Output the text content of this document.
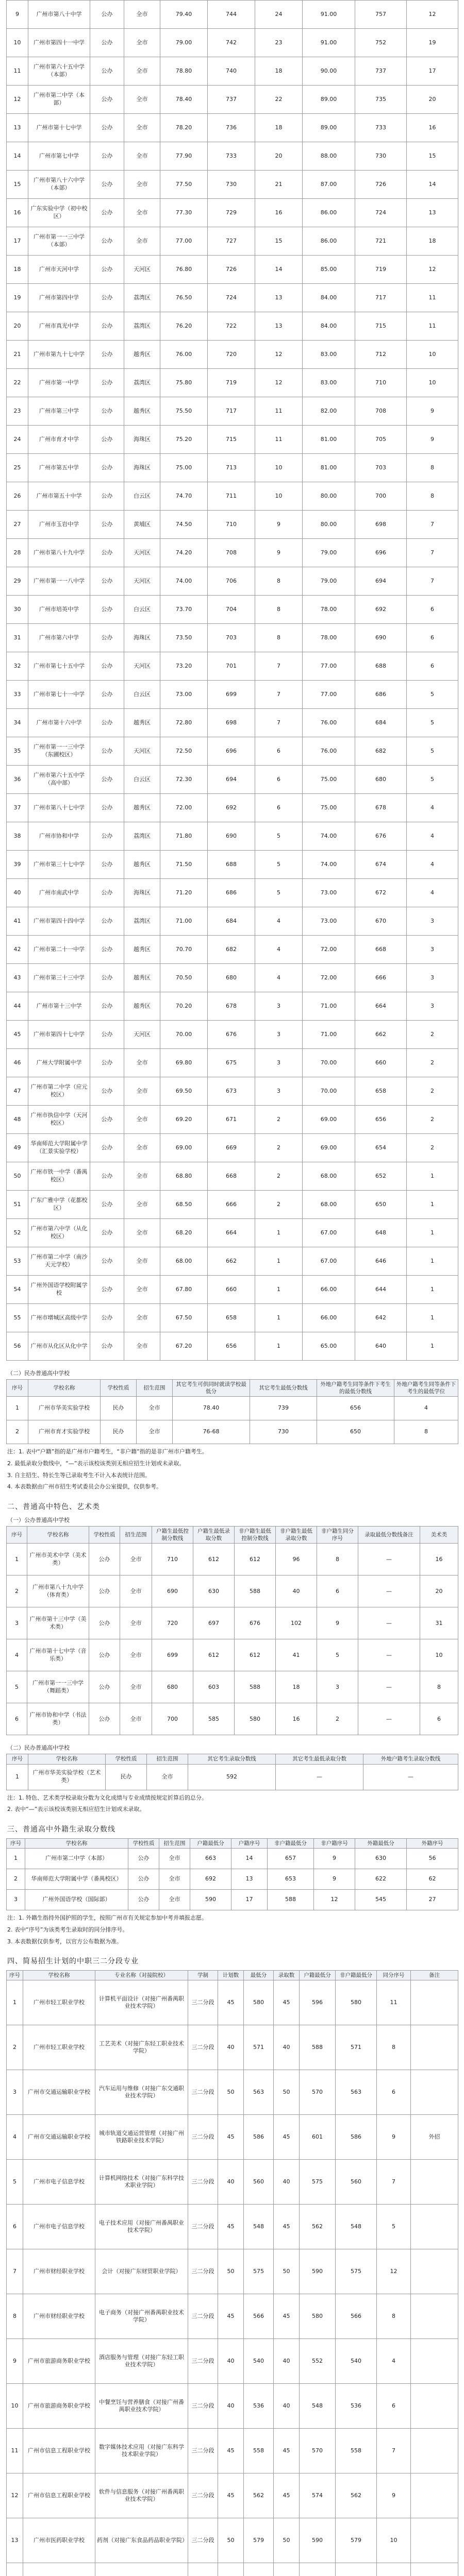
9	广州市第八十中学	公办	全市	79.40	744	24	91.00	757	12
10	广州市第四十一中学	公办	全市	79.00	742	23	91.00	752	19
11	广州市第六十五中学（本部）	公办	全市	78.80	740	18	90.00	737	17
12	广州市第二中学（本部）	公办	全市	78.40	737	22	89.00	735	20
13	广州市第十七中学	公办	全市	78.20	736	18	89.00	733	16
14	广州市第七中学	公办	全市	77.90	733	20	88.00	730	15
15	广州市第八十六中学（本部）	公办	全市	77.50	730	21	87.00	726	14
16	广东实验中学（初中校区）	公办	全市	77.30	729	16	86.00	724	13
17	广州市第一一三中学（本部）	公办	全市	77.00	727	15	86.00	721	18
18	广州市天河中学	公办	天河区	76.80	726	14	85.00	719	12
19	广州市第四中学	公办	荔湾区	76.50	724	13	84.00	717	11
20	广州市真光中学	公办	荔湾区	76.20	722	13	84.00	715	11
21	广州市第九十七中学	公办	越秀区	76.00	720	12	83.00	712	10
22	广州市第一中学	公办	荔湾区	75.80	719	12	83.00	710	10
23	广州市第三中学	公办	越秀区	75.50	717	11	82.00	708	9
24	广州市育才中学	公办	海珠区	75.20	715	11	81.00	705	9
25	广州市第五中学	公办	海珠区	75.00	713	10	81.00	703	8
26	广州市第五十中学	公办	白云区	74.70	711	10	80.00	700	8
27	广州市玉岩中学	公办	黄埔区	74.50	710	9	80.00	698	7
28	广州市第八十九中学	公办	天河区	74.20	708	9	79.00	696	7
29	广州市第一一八中学	公办	天河区	74.00	706	8	79.00	694	7
30	广州市培英中学	公办	白云区	73.70	704	8	78.00	692	6
31	广州市第六中学	公办	海珠区	73.50	703	8	78.00	690	6
32	广州市第七十五中学	公办	天河区	73.20	701	7	77.00	688	6
33	广州市第七十一中学	公办	白云区	73.00	699	7	77.00	686	5
34	广州市第十六中学	公办	越秀区	72.80	698	7	76.00	684	5
35	广州市第一一三中学（东圃校区）	公办	天河区	72.50	696	6	76.00	682	5
36	广州市第六十五中学（高中部）	公办	白云区	72.30	694	6	75.00	680	5
37	广州市第八十七中学	公办	越秀区	72.00	692	6	75.00	678	4
38	广州市协和中学	公办	荔湾区	71.80	690	5	74.00	676	4
39	广州市第三十七中学	公办	越秀区	71.50	688	5	74.00	674	4
40	广州市南武中学	公办	海珠区	71.20	686	5	73.00	672	4
41	广州市第四十四中学	公办	荔湾区	71.00	684	4	73.00	670	3
42	广州市第二十一中学	公办	越秀区	70.70	682	4	72.00	668	3
43	广州市第三十三中学	公办	越秀区	70.50	680	4	72.00	666	3
44	广州市第十三中学	公办	越秀区	70.20	678	3	71.00	664	3
45	广州市第四十七中学	公办	天河区	70.00	676	3	71.00	662	2
46	广州大学附属中学	公办	全市	69.80	675	3	70.00	660	2
47	广州市第二中学（应元校区）	公办	全市	69.50	673	3	70.00	658	2
48	广州市执信中学（天河校区）	公办	全市	69.20	671	2	69.00	656	2
49	华南师范大学附属中学（汇景实验学校）	公办	全市	69.00	669	2	69.00	654	2
50	广州市铁一中学（番禺校区）	公办	全市	68.80	668	2	68.00	652	1
51	广东广雅中学（花都校区）	公办	全市	68.50	666	2	68.00	650	1
52	广州市第六中学（从化校区）	公办	全市	68.20	664	1	67.00	648	1
53	广州市第二中学（南沙天元学校）	公办	全市	68.00	662	1	67.00	646	1
54	广州外国语学校附属学校	公办	全市	67.80	660	1	66.00	644	1
55	广州市增城区高级中学	公办	全市	67.50	658	1	66.00	642	1
56	广州市从化区从化中学	公办	全市	67.20	656	1	65.00	640	1
（二）民办普通高中学校
序号	学校名称	学校性质	招生范围	其它考生可供同时就读学校最低分	其它考生最低分数线	外地户籍考生同等条件下考生的最低分数线	外地户籍考生同等条件下考生的最低学位
1	广州市华美实验学校	民办	全市	78.40	739	656	4
2	广州市育才实验学校	民办	全市	76-68	730	650	8

注：1. 表中“户籍”指的是广州市户籍考生，“非户籍”指的是非广州市户籍考生。

2. 最低录取分数线中，“—”表示该校该类别无相应招生计划或未录取。

3. 自主招生、特长生等已录取考生不计入本表统计范围。

4. 本表数据由广州市招生考试委员会办公室提供，仅供参考。

二、普通高中特色、艺术类
（一）公办普通高中学校
序号	学校名称	学校性质	招生范围	户籍生最低控制分数线	户籍生最低录取分数	非户籍生最低控制分数线	非户籍生最低录取分数	非户籍生同分序号	录取最低分数线备注	美术类
1	广州市美术中学（美术类）	公办	全市	710	612	612	96	8	—	16
2	广州市第八十九中学（体育类）	公办	全市	690	630	588	40	6	—	20
3	广州市第十三中学（美术类）	公办	全市	720	697	676	102	9	—	31
4	广州市第十七中学（音乐类）	公办	全市	699	612	612	41	5	—	10
5	广州市第一一三中学（舞蹈类）	公办	全市	680	603	588	18	3	—	8
6	广州市协和中学（书法类）	公办	全市	700	585	580	16	2	—	6
（二）民办普通高中学校
序号	学校名称	学校性质	招生范围	其它考生录取分数线	其它考生最低录取分数	外地户籍考生录取分数线
1	广州市华美实验学校（艺术类）	民办	全市	592	—	—

注：1. 特色、艺术类学校录取分数为文化成绩与专业成绩按规定折算后的总分。

2. 表中“—”表示该校该类别无相应招生计划或未录取。

三、普通高中外籍生录取分数线
序号	学校名称	学校性质	招生范围	户籍最低分	户籍序号	非户籍最低分	非户籍序号	外籍最低分	外籍序号
1	广州市第二中学（本部）	公办	全市	663	14	657	9	630	56
2	华南师范大学附属中学（番禺校区）	公办	全市	692	13	653	9	622	62
3	广州外国语学校（国际部）	公办	全市	590	17	588	12	545	27

注：1. 外籍生指持外国护照的学生，按照广州市有关规定参加中考并填报志愿。

2. 表中“序号”为该类考生录取时的同分排序号。

3. 本表数据仅供参考，以官方公布数据为准。

四、简易招生计划的中职三二分段专业
序号	学校名称	专业名称（对接院校）	学制	计划数	最低分	录取数	户籍最低分	非户籍最低分	同分序号	备注
1	广州市轻工职业学校	计算机平面设计（对接广州番禺职业技术学院）	三二分段	45	580	45	596	580	11	
2	广州市轻工职业学校	工艺美术（对接广东轻工职业技术学院）	三二分段	40	571	40	588	571	8	
3	广州市交通运输职业学校	汽车运用与维修（对接广东交通职业技术学院）	三二分段	50	563	50	570	563	6	
4	广州市交通运输职业学校	城市轨道交通运营管理（对接广州铁路职业技术学院）	三二分段	45	586	45	601	586	9	外招
5	广州市电子信息学校	计算机网络技术（对接广东科学技术职业学院）	三二分段	40	560	40	575	560	7	
6	广州市电子信息学校	电子技术应用（对接广州番禺职业技术学院）	三二分段	45	548	45	562	548	5	
7	广州市财经职业学校	会计（对接广东财贸职业学院）	三二分段	50	575	50	590	575	12	
8	广州市财经职业学校	电子商务（对接广州番禺职业技术学院）	三二分段	45	566	45	580	566	8	
9	广州市旅游商务职业学校	酒店服务与管理（对接广东轻工职业技术学院）	三二分段	40	540	40	552	540	4	
10	广州市旅游商务职业学校	中餐烹饪与营养膳食（对接广州番禺职业技术学院）	三二分段	40	536	40	548	536	6	
11	广州市信息工程职业学校	数字媒体技术应用（对接广东科学技术职业学院）	三二分段	45	558	45	570	558	7	
12	广州市信息工程职业学校	软件与信息服务（对接广州番禺职业技术学院）	三二分段	45	562	45	574	562	9	
13	广州市医药职业学校	药剂（对接广东食品药品职业学院）	三二分段	50	579	50	590	579	10	
